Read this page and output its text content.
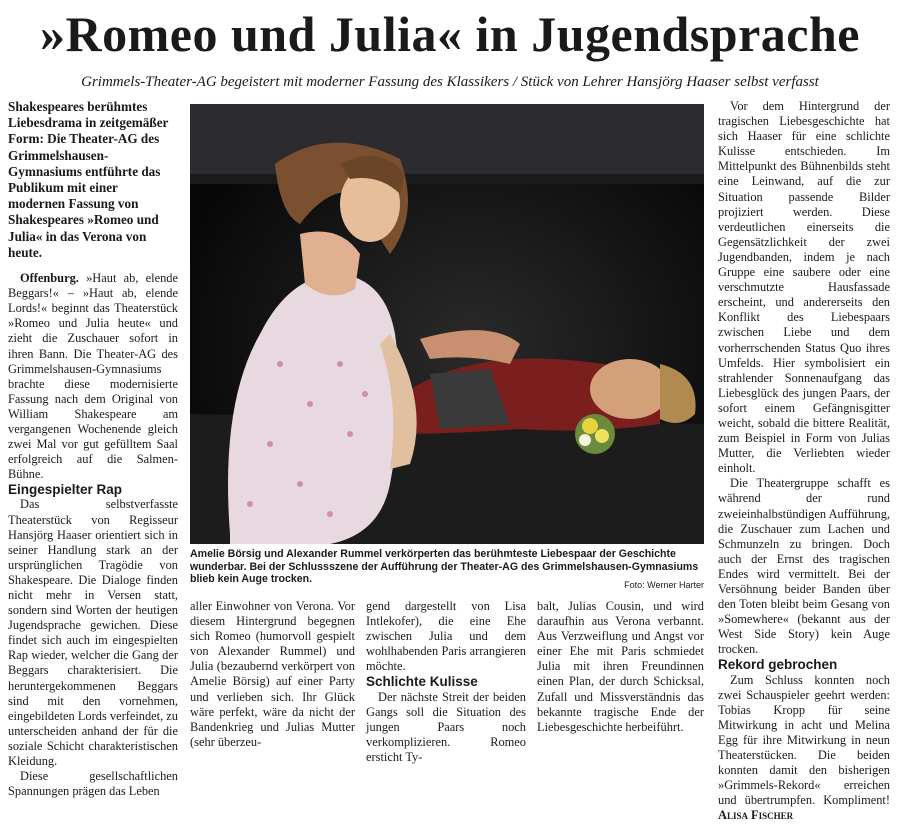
»Romeo und Julia« in Jugendsprache
Grimmels-Theater-AG begeistert mit moderner Fassung des Klassikers / Stück von Lehrer Hansjörg Haaser selbst verfasst

Shakespeares berühmtes Liebesdrama in zeitgemäßer Form: Die Theater-AG des Grimmelshausen-Gymnasiums entführte das Publikum mit einer modernen Fassung von Shakespeares »Romeo und Julia« in das Verona von heute.

Offenburg. »Haut ab, elende Beggars!« – »Haut ab, elende Lords!« beginnt das Theaterstück »Romeo und Julia heute« und zieht die Zuschauer sofort in ihren Bann. Die Theater-AG des Grimmelshausen-Gymnasiums brachte diese modernisierte Fassung nach dem Original von William Shakespeare am vergangenen Wochenende gleich zwei Mal vor gut gefülltem Saal erfolgreich auf die Salmen-Bühne.

Eingespielter Rap

Das selbstverfasste Theaterstück von Regisseur Hansjörg Haaser orientiert sich in seiner Handlung stark an der ursprünglichen Tragödie von Shakespeare. Die Dialoge finden nicht mehr in Versen statt, sondern sind Worten der heutigen Jugendsprache gewichen. Diese findet sich auch im eingespielten Rap wieder, welcher die Gang der Beggars charakterisiert. Die heruntergekommenen Beggars sind mit den vornehmen, eingebildeten Lords verfeindet, zu unterscheiden anhand der für die soziale Schicht charakteristischen Kleidung.

Diese gesellschaftlichen Spannungen prägen das Leben

Amelie Börsig und Alexander Rummel verkörperten das berühmteste Liebespaar der Geschichte wunderbar. Bei der Schlussszene der Aufführung der Theater-AG des Grimmelshausen-Gymnasiums blieb kein Auge trocken.	Foto: Werner Harter

aller Einwohner von Verona. Vor diesem Hintergrund begegnen sich Romeo (humorvoll gespielt von Alexander Rummel) und Julia (bezaubernd verkörpert von Amelie Börsig) auf einer Party und verlieben sich. Ihr Glück wäre perfekt, wäre da nicht der Bandenkrieg und Julias Mutter (sehr überzeu-

gend dargestellt von Lisa Intlekofer), die eine Ehe zwischen Julia und dem wohlhabenden Paris arrangieren möchte.

Schlichte Kulisse

Der nächste Streit der beiden Gangs soll die Situation des jungen Paars noch verkomplizieren. Romeo ersticht Ty-

balt, Julias Cousin, und wird daraufhin aus Verona verbannt. Aus Verzweiflung und Angst vor einer Ehe mit Paris schmiedet Julia mit ihren Freundinnen einen Plan, der durch Schicksal, Zufall und Missverständnis das bekannte tragische Ende der Liebesgeschichte herbeiführt.

Vor dem Hintergrund der tragischen Liebesgeschichte hat sich Haaser für eine schlichte Kulisse entschieden. Im Mittelpunkt des Bühnenbilds steht eine Leinwand, auf die zur Situation passende Bilder projiziert werden. Diese verdeutlichen einerseits die Gegensätzlichkeit der zwei Jugendbanden, indem je nach Gruppe eine saubere oder eine verschmutzte Hausfassade erscheint, und andererseits den Konflikt des Liebespaars zwischen Liebe und dem vorherrschenden Status Quo ihres Umfelds. Hier symbolisiert ein strahlender Sonnenaufgang das Liebesglück des jungen Paars, der sofort einem Gefängnisgitter weicht, sobald die bittere Realität, zum Beispiel in Form von Julias Mutter, die Verliebten wieder einholt.

Die Theatergruppe schafft es während der rund zweieinhalbstündigen Aufführung, die Zuschauer zum Lachen und Schmunzeln zu bringen. Doch auch der Ernst des tragischen Endes wird vermittelt. Bei der Versöhnung beider Banden über den Toten bleibt beim Gesang von »Somewhere« (bekannt aus der West Side Story) kein Auge trocken.

Rekord gebrochen

Zum Schluss konnten noch zwei Schauspieler geehrt werden: Tobias Kropp für seine Mitwirkung in acht und Melina Egg für ihre Mitwirkung in neun Theaterstücken. Die beiden konnten damit den bisherigen »Grimmels-Rekord« erreichen und übertrumpfen. Kompliment! Alisa Fischer
